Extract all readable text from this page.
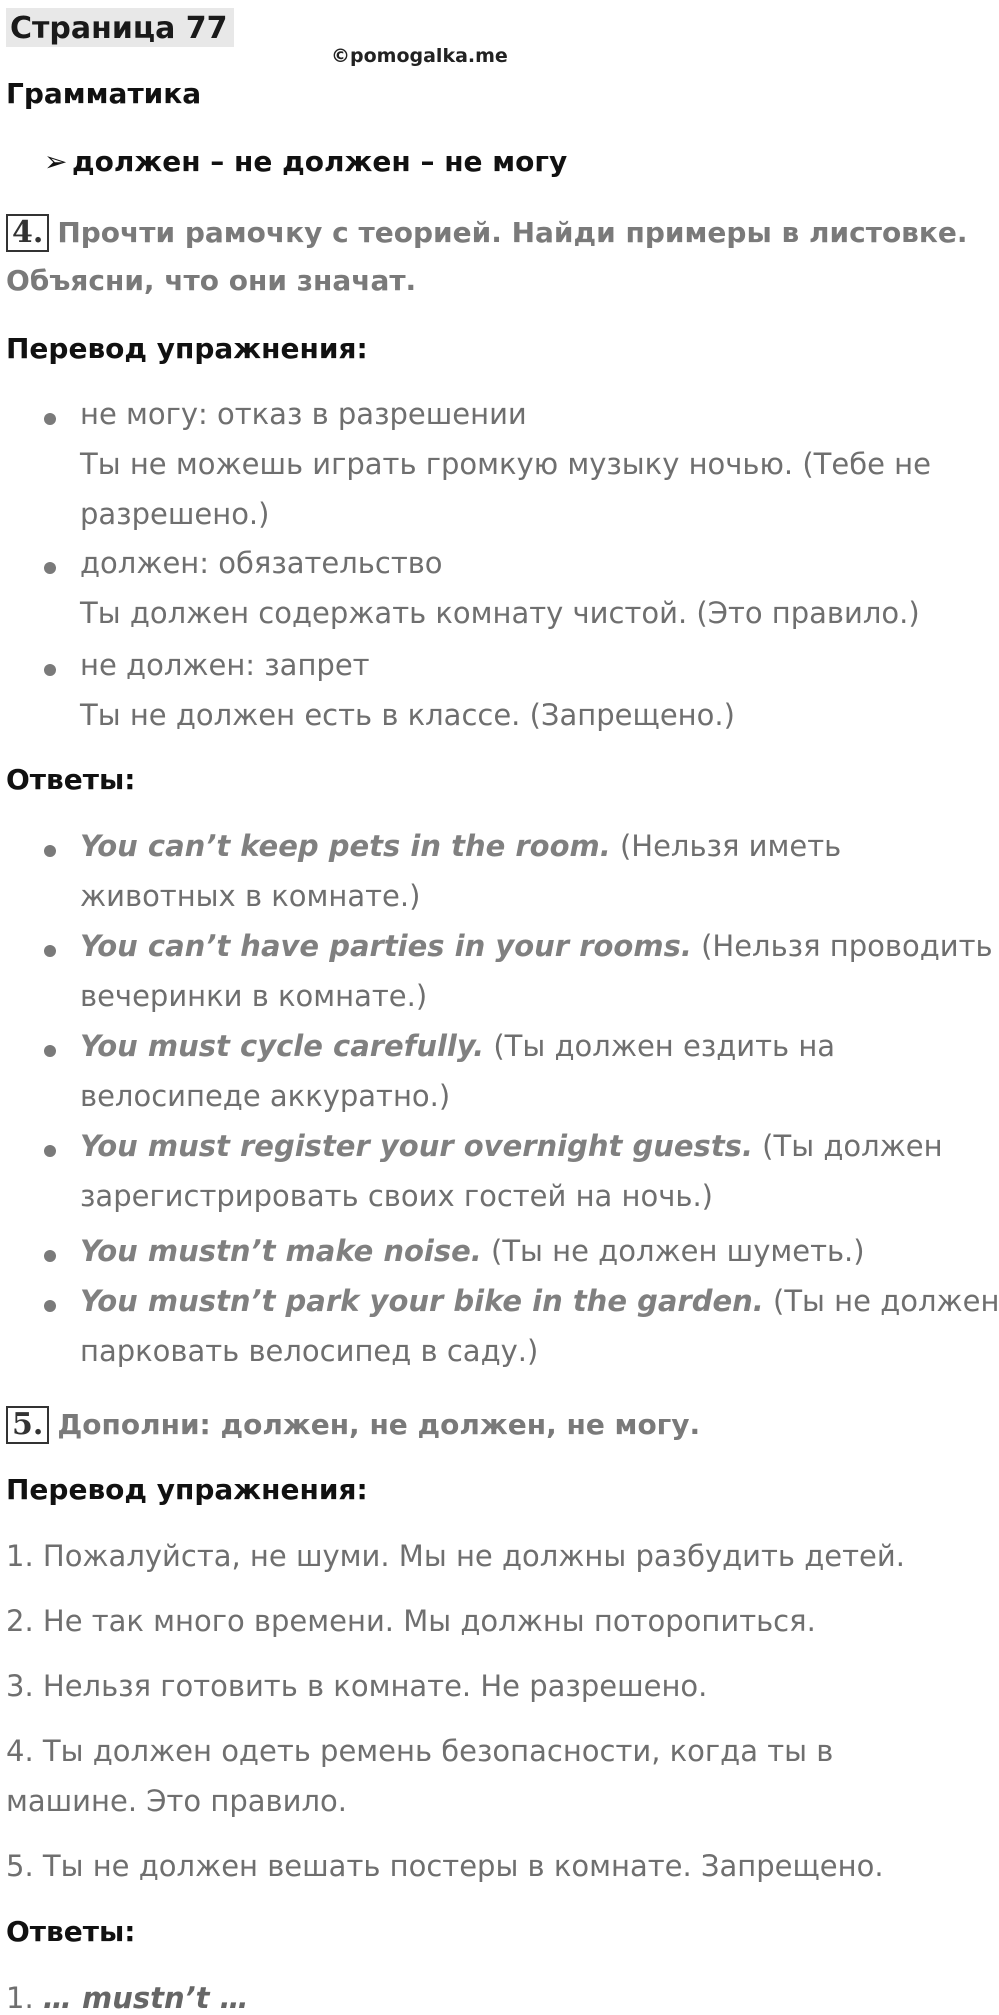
Страница 77
©pomogalka.me
Грамматика
➢ должен – не должен – не могу
4. Прочти рамочку с теорией. Найди примеры в листовке.
Объясни, что они значат.
Перевод упражнения:
не могу: отказ в разрешении
Ты не можешь играть громкую музыку ночью. (Тебе не
разрешено.)
должен: обязательство
Ты должен содержать комнату чистой. (Это правило.)
не должен: запрет
Ты не должен есть в классе. (Запрещено.)
Ответы:
You can’t keep pets in the room. (Нельзя иметь
животных в комнате.)
You can’t have parties in your rooms. (Нельзя проводить
вечеринки в комнате.)
You must cycle carefully. (Ты должен ездить на
велосипеде аккуратно.)
You must register your overnight guests. (Ты должен
зарегистрировать своих гостей на ночь.)
You mustn’t make noise. (Ты не должен шуметь.)
You mustn’t park your bike in the garden. (Ты не должен
парковать велосипед в саду.)
5. Дополни: должен, не должен, не могу.
Перевод упражнения:
1. Пожалуйста, не шуми. Мы не должны разбудить детей.
2. Не так много времени. Мы должны поторопиться.
3. Нельзя готовить в комнате. Не разрешено.
4. Ты должен одеть ремень безопасности, когда ты в
машине. Это правило.
5. Ты не должен вешать постеры в комнате. Запрещено.
Ответы:
1. … mustn’t …
